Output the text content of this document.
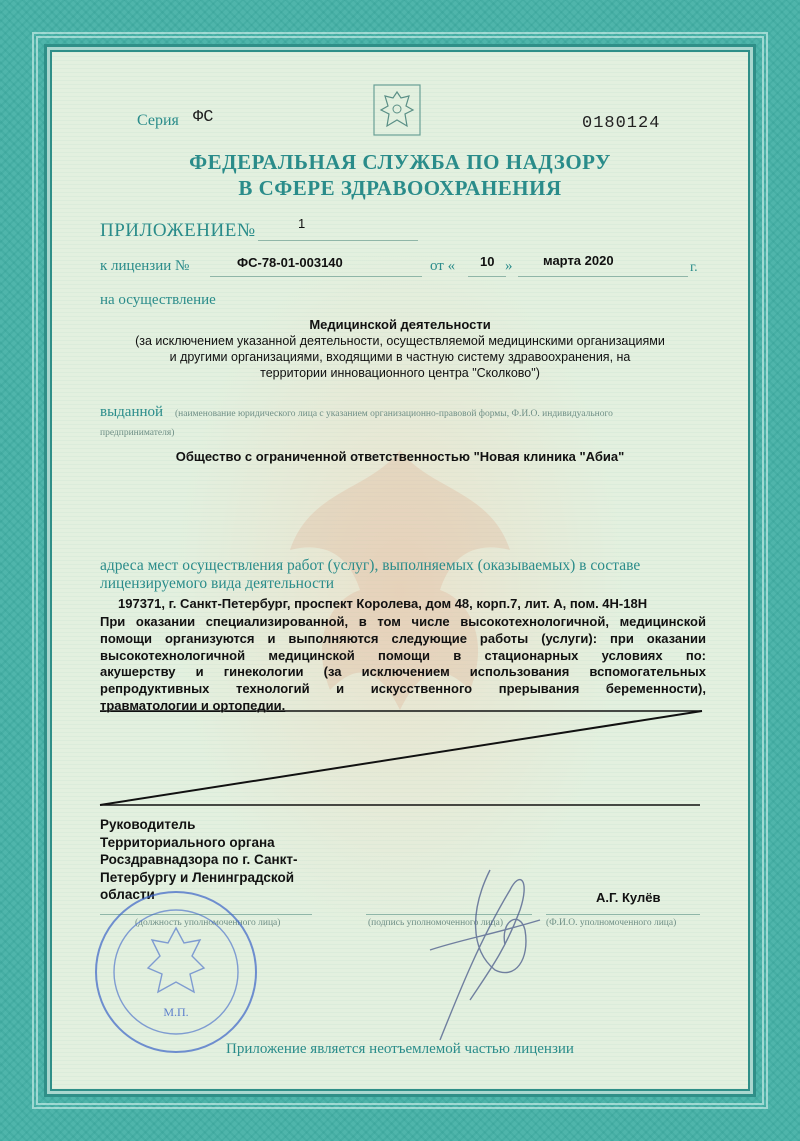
Серия ФС	0180124
ФЕДЕРАЛЬНАЯ СЛУЖБА ПО НАДЗОРУ
В СФЕРЕ ЗДРАВООХРАНЕНИЯ
ПРИЛОЖЕНИЕ №	1
к лицензии №	ФС-78-01-003140	от « 10 » марта 2020	г.
на осуществление
Медицинской деятельности
(за исключением указанной деятельности, осуществляемой медицинскими организациями
и другими организациями, входящими в частную систему здравоохранения, на
территории инновационного центра "Сколково")
выданной (наименование юридического лица с указанием организационно-правовой формы, Ф.И.О. индивидуального
предпринимателя)
Общество с ограниченной ответственностью "Новая клиника "Абиа"
адреса мест осуществления работ (услуг), выполняемых (оказываемых) в составе
лицензируемого вида деятельности
197371, г. Санкт-Петербург, проспект Королева, дом 48, корп.7, лит. А, пом. 4Н-18Н
При оказании специализированной, в том числе высокотехнологичной, медицинской
помощи организуются и выполняются следующие работы (услуги): при оказании
высокотехнологичной медицинской помощи в стационарных условиях по:
акушерству и гинекологии (за исключением использования вспомогательных
репродуктивных технологий и искусственного прерывания беременности),
травматологии и ортопедии.
Руководитель
Территориального органа
Росздравнадзора по г. Санкт-
Петербургу и Ленинградской
области	А.Г. Кулёв
(должность уполномоченного лица)	(подпись уполномоченного лица)	(Ф.И.О. уполномоченного лица)
М.П.
Приложение является неотъемлемой частью лицензии
